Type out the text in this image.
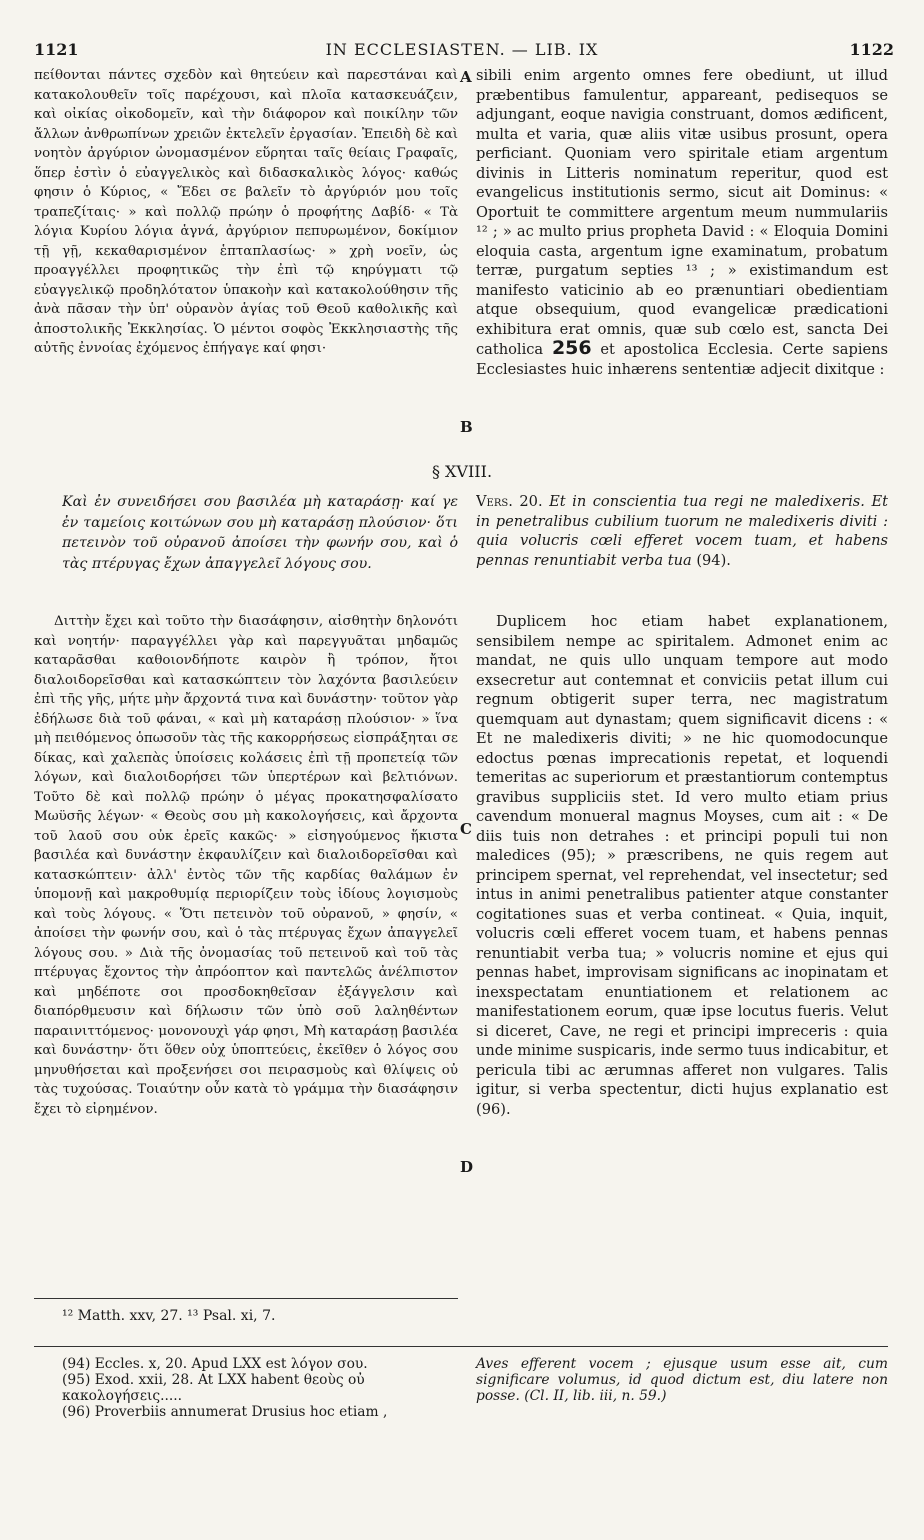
1121	IN ECCLESIASTEN. — LIB. IX	1122

πείθονται πάντες σχεδὸν καὶ θητεύειν καὶ παρεστάναι καὶ κατακολουθεῖν τοῖς παρέχουσι, καὶ πλοῖα κατασκευάζειν, καὶ οἰκίας οἰκοδομεῖν, καὶ τὴν διάφορον καὶ ποικίλην τῶν ἄλλων ἀνθρωπίνων χρειῶν ἐκτελεῖν ἐργασίαν. Ἐπειδὴ δὲ καὶ νοητὸν ἀργύριον ὠνομασμένον εὕρηται ταῖς θείαις Γραφαῖς, ὅπερ ἐστὶν ὁ εὐαγγελικὸς καὶ διδασκαλικὸς λόγος· καθώς φησιν ὁ Κύριος, « Ἔδει σε βαλεῖν τὸ ἀργύριόν μου τοῖς τραπεζίταις· » καὶ πολλῷ πρώην ὁ προφήτης Δαβίδ· « Τὰ λόγια Κυρίου λόγια ἁγνά, ἀργύριον πεπυρωμένον, δοκίμιον τῇ γῇ, κεκαθαρισμένον ἑπταπλασίως· » χρὴ νοεῖν, ὡς προαγγέλλει προφητικῶς τὴν ἐπὶ τῷ κηρύγματι τῷ εὐαγγελικῷ προδηλότατον ὑπακοὴν καὶ κατακολούθησιν τῆς ἀνὰ πᾶσαν τὴν ὑπ' οὐρανὸν ἁγίας τοῦ Θεοῦ καθολικῆς καὶ ἀποστολικῆς Ἐκκλησίας. Ὁ μέντοι σοφὸς Ἐκκλησιαστὴς τῆς αὐτῆς ἐννοίας ἐχόμενος ἐπήγαγε καί φησι·

sibili enim argento omnes fere obediunt, ut illud præbentibus famulentur, appareant, pedisequos se adjungant, eoque navigia construant, domos ædificent, multa et varia, quæ aliis vitæ usibus prosunt, opera perficiant. Quoniam vero spiritale etiam argentum divinis in Litteris nominatum reperitur, quod est evangelicus institutionis sermo, sicut ait Dominus: « Oportuit te committere argentum meum nummulariis ¹² ; » ac multo prius propheta David : « Eloquia Domini eloquia casta, argentum igne examinatum, probatum terræ, purgatum septies ¹³ ; » existimandum est manifesto vaticinio ab eo prænuntiari obedientiam atque obsequium, quod evangelicæ prædicationi exhibitura erat omnis, quæ sub cœlo est, sancta Dei catholica 256 et apostolica Ecclesia. Certe sapiens Ecclesiastes huic inhærens sententiæ adjecit dixitque :

A
B
C
D
§ XVIII.

Καὶ ἐν συνειδήσει σου βασιλέα μὴ καταράσῃ· καί γε ἐν ταμείοις κοιτώνων σου μὴ καταράσῃ πλούσιον· ὅτι πετεινὸν τοῦ οὐρανοῦ ἀποίσει τὴν φωνήν σου, καὶ ὁ τὰς πτέρυγας ἔχων ἀπαγγελεῖ λόγους σου.

Vers. 20. Et in conscientia tua regi ne maledixeris. Et in penetralibus cubilium tuorum ne maledixeris diviti : quia volucris cœli efferet vocem tuam, et habens pennas renuntiabit verba tua (94).

Διττὴν ἔχει καὶ τοῦτο τὴν διασάφησιν, αἰσθητὴν δηλονότι καὶ νοητήν· παραγγέλλει γὰρ καὶ παρεγγυᾶται μηδαμῶς καταρᾶσθαι καθοιονδήποτε καιρὸν ἢ τρόπον, ἤτοι διαλοιδορεῖσθαι καὶ κατασκώπτειν τὸν λαχόντα βασιλεύειν ἐπὶ τῆς γῆς, μήτε μὴν ἄρχοντά τινα καὶ δυνάστην· τοῦτον γὰρ ἐδήλωσε διὰ τοῦ φάναι, « καὶ μὴ καταράσῃ πλούσιον· » ἵνα μὴ πειθόμενος ὁπωσοῦν τὰς τῆς κακορρήσεως εἰσπράξηται σε δίκας, καὶ χαλεπὰς ὑποίσεις κολάσεις ἐπὶ τῇ προπετείᾳ τῶν λόγων, καὶ διαλοιδορήσει τῶν ὑπερτέρων καὶ βελτιόνων. Τοῦτο δὲ καὶ πολλῷ πρώην ὁ μέγας προκατησφαλίσατο Μωϋσῆς λέγων· « Θεοὺς σου μὴ κακολογήσεις, καὶ ἄρχοντα τοῦ λαοῦ σου οὐκ ἐρεῖς κακῶς· » εἰσηγούμενος ἥκιστα βασιλέα καὶ δυνάστην ἐκφαυλίζειν καὶ διαλοιδορεῖσθαι καὶ κατασκώπτειν· ἀλλ' ἐντὸς τῶν τῆς καρδίας θαλάμων ἐν ὑπομονῇ καὶ μακροθυμίᾳ περιορίζειν τοὺς ἰδίους λογισμοὺς καὶ τοὺς λόγους. « Ὅτι πετεινὸν τοῦ οὐρανοῦ, » φησίν, « ἀποίσει τὴν φωνήν σου, καὶ ὁ τὰς πτέρυγας ἔχων ἀπαγγελεῖ λόγους σου. » Διὰ τῆς ὀνομασίας τοῦ πετεινοῦ καὶ τοῦ τὰς πτέρυγας ἔχοντος τὴν ἀπρόοπτον καὶ παντελῶς ἀνέλπιστον καὶ μηδέποτε σοι προσδοκηθεῖσαν ἐξάγγελσιν καὶ διαπόρθμευσιν καὶ δήλωσιν τῶν ὑπὸ σοῦ λαληθέντων παραινιττόμενος· μονονουχὶ γάρ φησι, Μὴ καταράσῃ βασιλέα καὶ δυνάστην· ὅτι ὅθεν οὐχ ὑποπτεύεις, ἐκεῖθεν ὁ λόγος σου μηνυθήσεται καὶ προξενήσει σοι πειρασμοὺς καὶ θλίψεις οὐ τὰς τυχούσας. Τοιαύτην οὖν κατὰ τὸ γράμμα τὴν διασάφησιν ἔχει τὸ εἰρημένον.

Duplicem hoc etiam habet explanationem, sensibilem nempe ac spiritalem. Admonet enim ac mandat, ne quis ullo unquam tempore aut modo exsecretur aut contemnat et conviciis petat illum cui regnum obtigerit super terra, nec magistratum quemquam aut dynastam; quem significavit dicens : « Et ne maledixeris diviti; » ne hic quomodocunque edoctus pœnas imprecationis repetat, et loquendi temeritas ac superiorum et præstantiorum contemptus gravibus suppliciis stet. Id vero multo etiam prius cavendum monueral magnus Moyses, cum ait : « De diis tuis non detrahes : et principi populi tui non maledices (95); » præscribens, ne quis regem aut principem spernat, vel reprehendat, vel insectetur; sed intus in animi penetralibus patienter atque constanter cogitationes suas et verba contineat. « Quia, inquit, volucris cœli efferet vocem tuam, et habens pennas renuntiabit verba tua; » volucris nomine et ejus qui pennas habet, improvisam significans ac inopinatam et inexspectatam enuntiationem et relationem ac manifestationem eorum, quæ ipse locutus fueris. Velut si diceret, Cave, ne regi et principi impreceris : quia unde minime suspicaris, inde sermo tuus indicabitur, et pericula tibi ac ærumnas afferet non vulgares. Talis igitur, si verba spectentur, dicti hujus explanatio est (96).

¹² Matth. xxv, 27. ¹³ Psal. xi, 7.
(94) Eccles. x, 20. Apud LXX est λόγον σου.
(95) Exod. xxii, 28. At LXX habent θεοὺς οὐ κακολογήσεις.....
(96) Proverbiis annumerat Drusius hoc etiam ,
Aves efferent vocem ; ejusque usum esse ait, cum significare volumus, id quod dictum est, diu latere non posse. (Cl. II, lib. iii, n. 59.)
